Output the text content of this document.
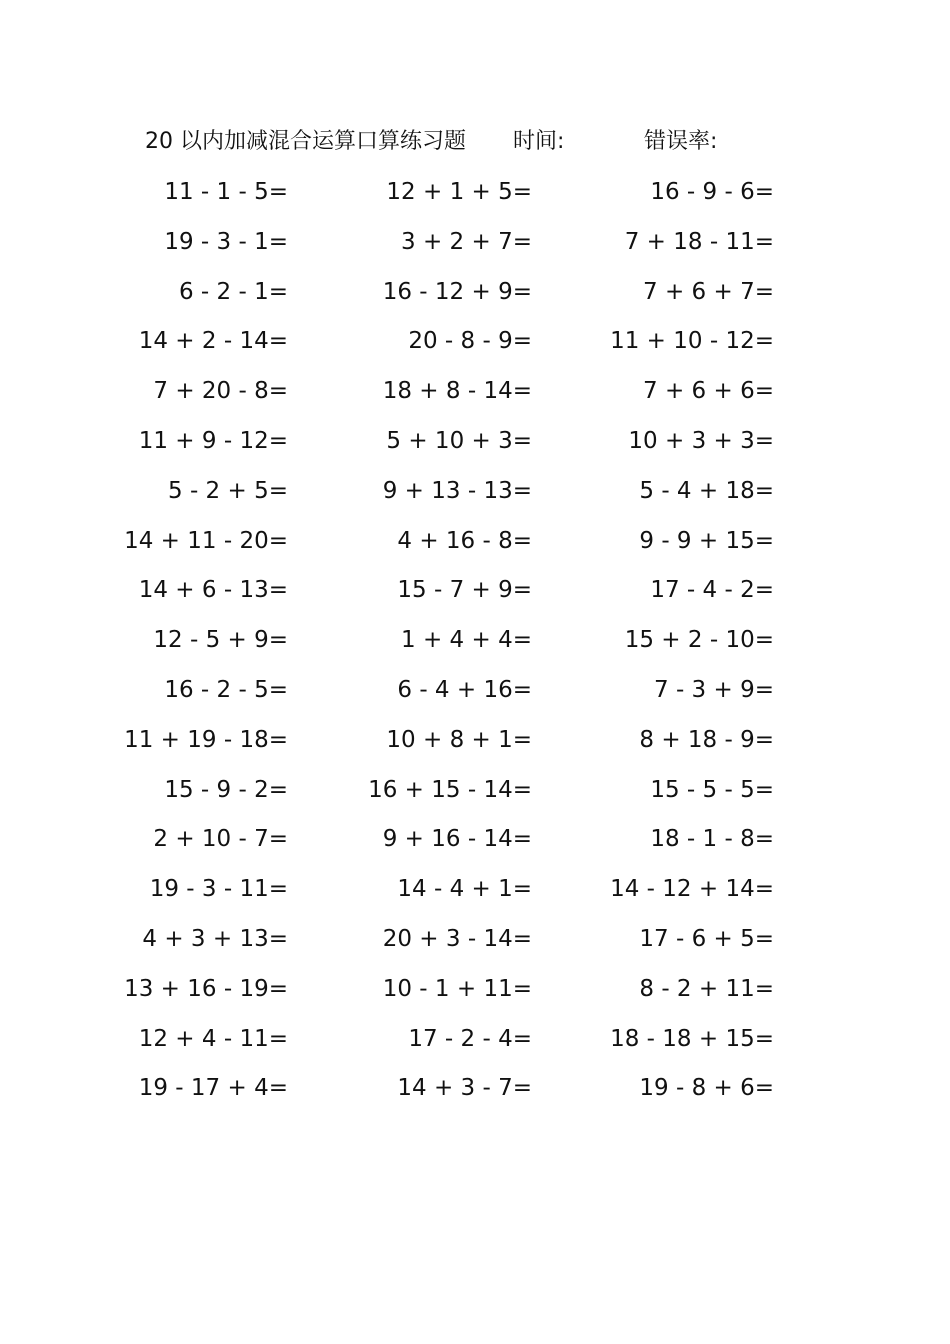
20 以内加减混合运算口算练习题 时间:	错误率:
11 - 1 - 5=	12 + 1 + 5=	16 - 9 - 6=
19 - 3 - 1=	3 + 2 + 7=	7 + 18 - 11=
6 - 2 - 1=	16 - 12 + 9=	7 + 6 + 7=
14 + 2 - 14=	20 - 8 - 9=	11 + 10 - 12=
7 + 20 - 8=	18 + 8 - 14=	7 + 6 + 6=
11 + 9 - 12=	5 + 10 + 3=	10 + 3 + 3=
5 - 2 + 5=	9 + 13 - 13=	5 - 4 + 18=
14 + 11 - 20=	4 + 16 - 8=	9 - 9 + 15=
14 + 6 - 13=	15 - 7 + 9=	17 - 4 - 2=
12 - 5 + 9=	1 + 4 + 4=	15 + 2 - 10=
16 - 2 - 5=	6 - 4 + 16=	7 - 3 + 9=
11 + 19 - 18=	10 + 8 + 1=	8 + 18 - 9=
15 - 9 - 2=	16 + 15 - 14=	15 - 5 - 5=
2 + 10 - 7=	9 + 16 - 14=	18 - 1 - 8=
19 - 3 - 11=	14 - 4 + 1=	14 - 12 + 14=
4 + 3 + 13=	20 + 3 - 14=	17 - 6 + 5=
13 + 16 - 19=	10 - 1 + 11=	8 - 2 + 11=
12 + 4 - 11=	17 - 2 - 4=	18 - 18 + 15=
19 - 17 + 4=	14 + 3 - 7=	19 - 8 + 6=
